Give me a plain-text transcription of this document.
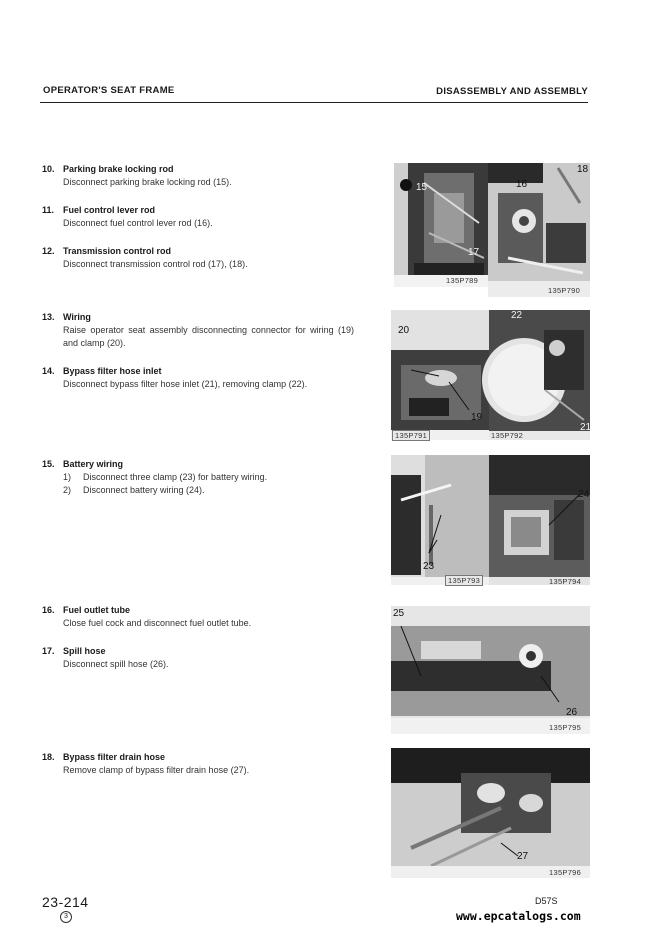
OPERATOR'S SEAT FRAME	DISASSEMBLY AND ASSEMBLY
10. Parking brake locking rod
Disconnect parking brake locking rod (15).
11. Fuel control lever rod
Disconnect fuel control lever rod (16).
12. Transmission control rod
Disconnect transmission control rod (17), (18).
13. Wiring
Raise operator seat assembly disconnecting connector for wiring (19) and clamp (20).
14. Bypass filter hose inlet
Disconnect bypass filter hose inlet (21), removing clamp (22).
15. Battery wiring
1) Disconnect three clamp (23) for battery wiring.
2) Disconnect battery wiring (24).
16. Fuel outlet tube
Close fuel cock and disconnect fuel outlet tube.
17. Spill hose
Disconnect spill hose (26).
18. Bypass filter drain hose
Remove clamp of bypass filter drain hose (27).
15
17
135P789
16
18
135P790
20
19
135P791
22
21
135P792
23
135P793
24
135P794
25
26
135P795
27
135P796
23-214
3
D57S
www.epcatalogs.com
